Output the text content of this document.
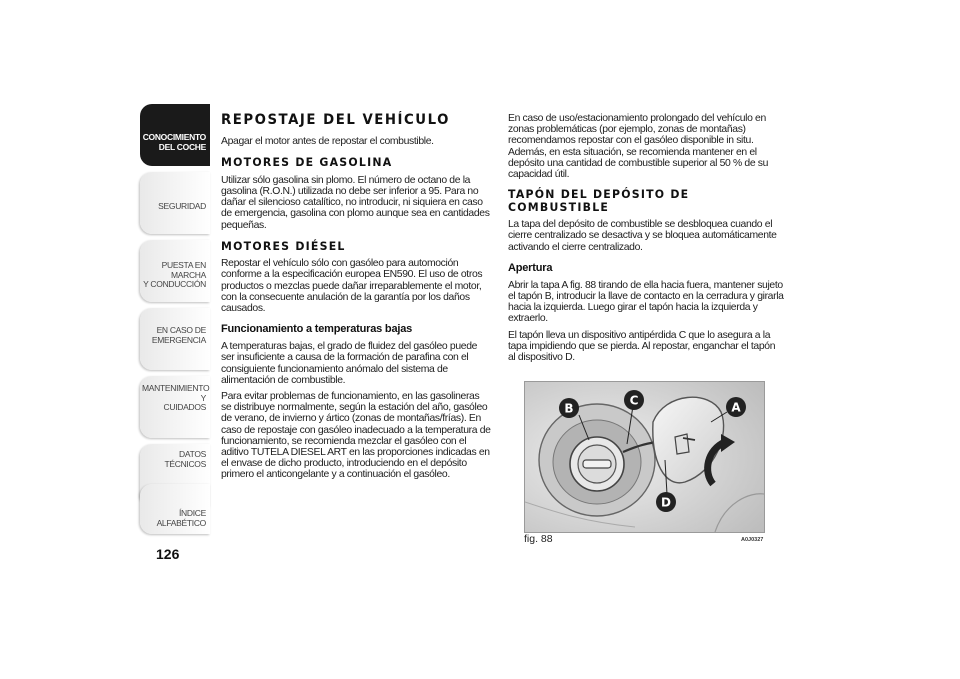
CONOCIMIENTO
DEL COCHE
SEGURIDAD
PUESTA EN MARCHA
Y CONDUCCIÓN
EN CASO DE
EMERGENCIA
MANTENIMIENTO Y
CUIDADOS
DATOS TÉCNICOS
ÍNDICE ALFABÉTICO
126
REPOSTAJE DEL VEHÍCULO

Apagar el motor antes de repostar el combustible.

MOTORES DE GASOLINA

Utilizar sólo gasolina sin plomo. El número de octano de la gasolina (R.O.N.) utilizada no debe ser inferior a 95. Para no dañar el silencioso catalítico, no introducir, ni siquiera en caso de emergencia, gasolina con plomo aunque sea en cantidades pequeñas.

MOTORES DIÉSEL

Repostar el vehículo sólo con gasóleo para automoción conforme a la especificación europea EN590. El uso de otros productos o mezclas puede dañar irreparablemente el motor, con la consecuente anulación de la garantía por los daños causados.

Funcionamiento a temperaturas bajas

A temperaturas bajas, el grado de fluidez del gasóleo puede ser insuficiente a causa de la formación de parafina con el consiguiente funcionamiento anómalo del sistema de alimentación de combustible.

Para evitar problemas de funcionamiento, en las gasolineras se distribuye normalmente, según la estación del año, gasóleo de verano, de invierno y ártico (zonas de montañas/frías). En caso de repostaje con gasóleo inadecuado a la temperatura de funcionamiento, se recomienda mezclar el gasóleo con el aditivo TUTELA DIESEL ART en las proporciones indicadas en el envase de dicho producto, introduciendo en el depósito primero el anticongelante y a continuación el gasóleo.

En caso de uso/estacionamiento prolongado del vehículo en zonas problemáticas (por ejemplo, zonas de montañas) recomendamos repostar con el gasóleo disponible in situ. Además, en esta situación, se recomienda mantener en el depósito una cantidad de combustible superior al 50 % de su capacidad útil.

TAPÓN DEL DEPÓSITO DE COMBUSTIBLE

La tapa del depósito de combustible se desbloquea cuando el cierre centralizado se desactiva y se bloquea automáticamente activando el cierre centralizado.

Apertura

Abrir la tapa A fig. 88 tirando de ella hacia fuera, mantener sujeto el tapón B, introducir la llave de contacto en la cerradura y girarla hacia la izquierda. Luego girar el tapón hacia la izquierda y extraerlo.

El tapón lleva un dispositivo antipérdida C que lo asegura a la tapa impidiendo que se pierda. Al repostar, enganchar el tapón al dispositivo D.

B
C	A
D
fig. 88	A0J0327
